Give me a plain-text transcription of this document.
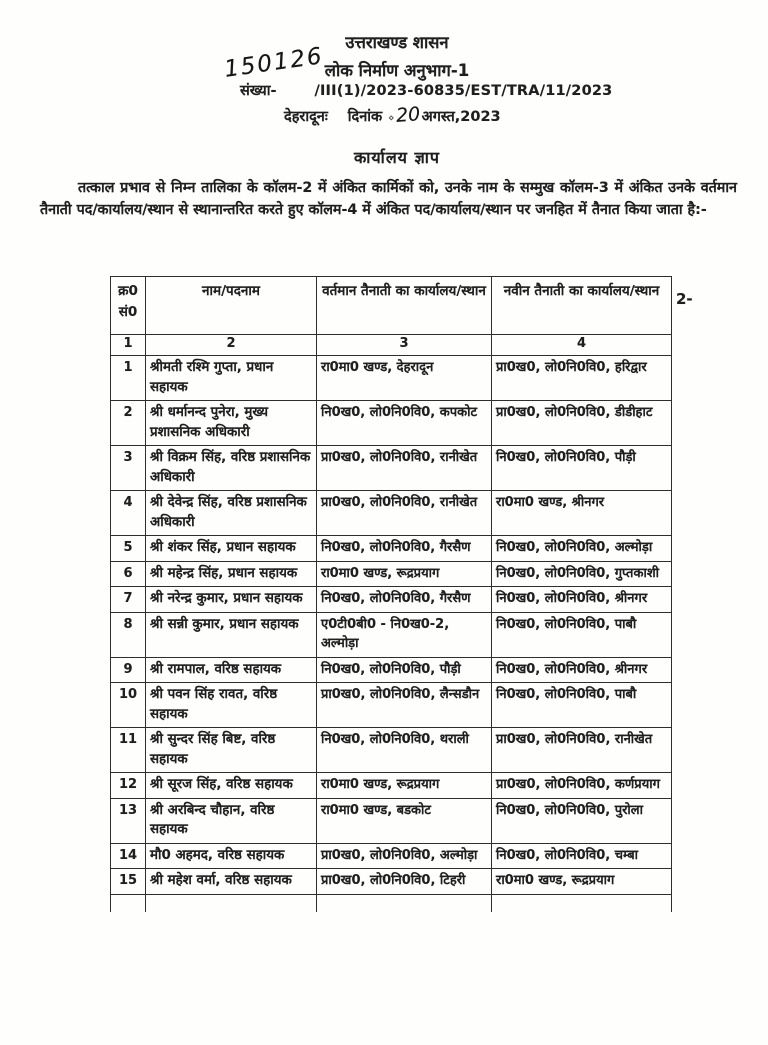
150126
उत्तराखण्ड शासन
लोक निर्माण अनुभाग-1
संख्या-	/III(1)/2023-60835/EST/TRA/11/2023
देहरादूनः दिनांक ⋄ 20 अगस्त,2023
कार्यालय ज्ञाप

तत्काल प्रभाव से निम्न तालिका के कॉलम-2 में अंकित कार्मिकों को, उनके नाम के सम्मुख कॉलम-3 में अंकित उनके वर्तमान तैनाती पद/कार्यालय/स्थान से स्थानान्तरित करते हुए कॉलम-4 में अंकित पद/कार्यालय/स्थान पर जनहित में तैनात किया जाता है:-

क्र0 सं0	नाम/पदनाम	वर्तमान तैनाती का कार्यालय/स्थान	नवीन तैनाती का कार्यालय/स्थान
1	2	3	4
1	श्रीमती रश्मि गुप्ता, प्रधान सहायक	रा0मा0 खण्ड, देहरादून	प्रा0ख0, लो0नि0वि0, हरिद्वार
2	श्री धर्मानन्द पुनेरा, मुख्य प्रशासनिक अधिकारी	नि0ख0, लो0नि0वि0, कपकोट	प्रा0ख0, लो0नि0वि0, डीडीहाट
3	श्री विक्रम सिंह, वरिष्ठ प्रशासनिक अधिकारी	प्रा0ख0, लो0नि0वि0, रानीखेत	नि0ख0, लो0नि0वि0, पौड़ी
4	श्री देवेन्द्र सिंह, वरिष्ठ प्रशासनिक अधिकारी	प्रा0ख0, लो0नि0वि0, रानीखेत	रा0मा0 खण्ड, श्रीनगर
5	श्री शंकर सिंह, प्रधान सहायक	नि0ख0, लो0नि0वि0, गैरसैण	नि0ख0, लो0नि0वि0, अल्मोड़ा
6	श्री महेन्द्र सिंह, प्रधान सहायक	रा0मा0 खण्ड, रूद्रप्रयाग	नि0ख0, लो0नि0वि0, गुप्तकाशी
7	श्री नरेन्द्र कुमार, प्रधान सहायक	नि0ख0, लो0नि0वि0, गैरसैण	नि0ख0, लो0नि0वि0, श्रीनगर
8	श्री सन्नी कुमार, प्रधान सहायक	ए0टी0बी0 - नि0ख0-2, अल्मोड़ा	नि0ख0, लो0नि0वि0, पाबौ
9	श्री रामपाल, वरिष्ठ सहायक	नि0ख0, लो0नि0वि0, पौड़ी	नि0ख0, लो0नि0वि0, श्रीनगर
10	श्री पवन सिंह रावत, वरिष्ठ सहायक	प्रा0ख0, लो0नि0वि0, लैन्सडौन	नि0ख0, लो0नि0वि0, पाबौ
11	श्री सुन्दर सिंह बिष्ट, वरिष्ठ सहायक	नि0ख0, लो0नि0वि0, थराली	प्रा0ख0, लो0नि0वि0, रानीखेत
12	श्री सूरज सिंह, वरिष्ठ सहायक	रा0मा0 खण्ड, रूद्रप्रयाग	प्रा0ख0, लो0नि0वि0, कर्णप्रयाग
13	श्री अरबिन्द चौहान, वरिष्ठ सहायक	रा0मा0 खण्ड, बडकोट	नि0ख0, लो0नि0वि0, पुरोला
14	मौ0 अहमद, वरिष्ठ सहायक	प्रा0ख0, लो0नि0वि0, अल्मोड़ा	नि0ख0, लो0नि0वि0, चम्बा
15	श्री महेश वर्मा, वरिष्ठ सहायक	प्रा0ख0, लो0नि0वि0, टिहरी	रा0मा0 खण्ड, रूद्रप्रयाग

2-
